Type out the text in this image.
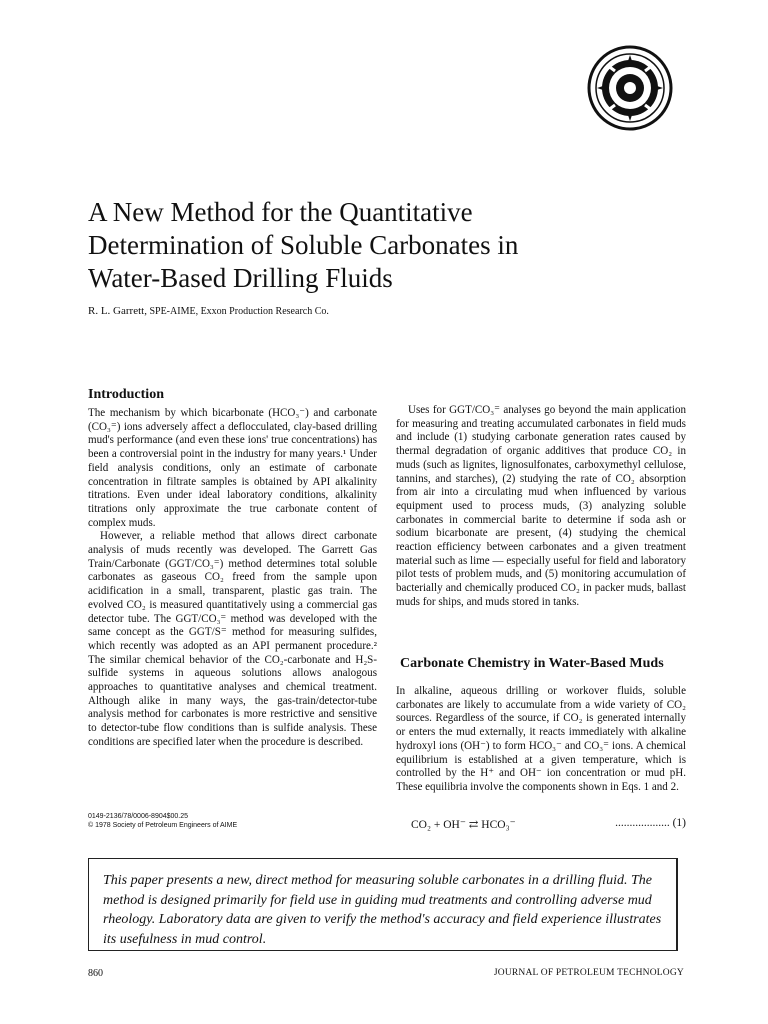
A New Method for the Quantitative
Determination of Soluble Carbonates in
Water-Based Drilling Fluids
R. L. Garrett, SPE-AIME, Exxon Production Research Co.
Introduction

The mechanism by which bicarbonate (HCO₃⁻) and carbonate (CO₃⁼) ions adversely affect a deflocculated, clay-based drilling mud's performance (and even these ions' true concentrations) has been a controversial point in the industry for many years.¹ Under field analysis conditions, only an estimate of carbonate concentration in filtrate samples is obtained by API alkalinity titrations. Even under ideal laboratory conditions, alkalinity titrations only approximate the true carbonate content of complex muds.

However, a reliable method that allows direct carbonate analysis of muds recently was developed. The Garrett Gas Train/Carbonate (GGT/CO₃⁼) method determines total soluble carbonates as gaseous CO₂ freed from the sample upon acidification in a small, transparent, plastic gas train. The evolved CO₂ is measured quantitatively using a commercial gas detector tube. The GGT/CO₃⁼ method was developed with the same concept as the GGT/S⁼ method for measuring sulfides, which recently was adopted as an API permanent procedure.² The similar chemical behavior of the CO₂-carbonate and H₂S-sulfide systems in aqueous solutions allows analogous approaches to quantitative analyses and chemical treatment. Although alike in many ways, the gas-train/detector-tube analysis method for carbonates is more restrictive and sensitive to detector-tube flow conditions than is sulfide analysis. These conditions are specified later when the procedure is described.

Uses for GGT/CO₃⁼ analyses go beyond the main application for measuring and treating accumulated carbonates in field muds and include (1) studying carbonate generation rates caused by thermal degradation of organic additives that produce CO₂ in muds (such as lignites, lignosulfonates, carboxymethyl cellulose, tannins, and starches), (2) studying the rate of CO₂ absorption from air into a circulating mud when influenced by various equipment used to process muds, (3) analyzing soluble carbonates in commercial barite to determine if soda ash or sodium bicarbonate are present, (4) studying the chemical reaction efficiency between carbonates and a given treatment material such as lime — especially useful for field and laboratory pilot tests of problem muds, and (5) monitoring accumulation of bacterially and chemically produced CO₂ in packer muds, ballast muds for ships, and muds stored in tanks.

Carbonate Chemistry in Water-Based Muds

In alkaline, aqueous drilling or workover fluids, soluble carbonates are likely to accumulate from a wide variety of CO₂ sources. Regardless of the source, if CO₂ is generated internally or enters the mud externally, it reacts immediately with alkaline hydroxyl ions (OH⁻) to form HCO₃⁻ and CO₃⁼ ions. A chemical equilibrium is established at a given temperature, which is controlled by the H⁺ and OH⁻ ion concentration or mud pH. These equilibria involve the components shown in Eqs. 1 and 2.

0149-2136/78/0006-8904$00.25
© 1978 Society of Petroleum Engineers of AIME	CO₂ + OH⁻ ⇄ HCO₃⁻	................... (1)
This paper presents a new, direct method for measuring soluble carbonates in a drilling fluid. The method is designed primarily for field use in guiding mud treatments and controlling adverse mud rheology. Laboratory data are given to verify the method's accuracy and field experience illustrates its usefulness in mud control.
860	JOURNAL OF PETROLEUM TECHNOLOGY
